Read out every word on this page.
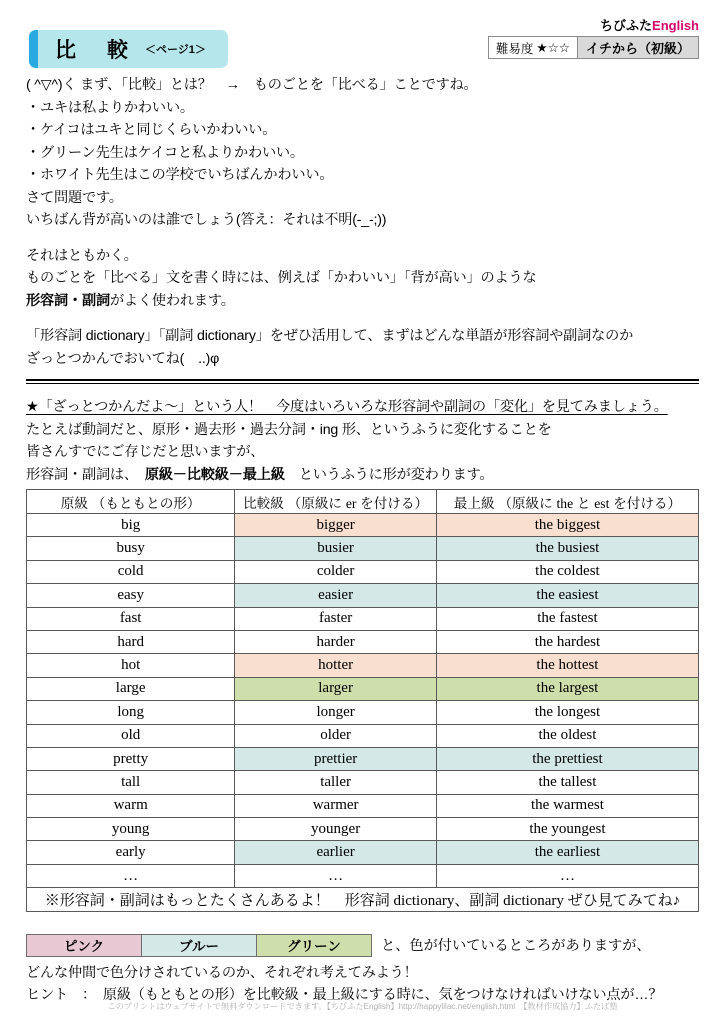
比　較 ＜ページ1＞
ちびふたEnglish
難易度 ★☆☆	イチから（初級）

( ^▽^)く まず、「比較」とは？　→　ものごとを「比べる」ことですね。

・ユキは私よりかわいい。

・ケイコはユキと同じくらいかわいい。

・グリーン先生はケイコと私よりかわいい。

・ホワイト先生はこの学校でいちばんかわいい。

さて問題です。

いちばん背が高いのは誰でしょう(答え：それは不明(-_-;))

それはともかく。

ものごとを「比べる」文を書く時には、例えば「かわいい」「背が高い」のような

形容詞・副詞がよく使われます。

「形容詞 dictionary」「副詞 dictionary」をぜひ活用して、まずはどんな単語が形容詞や副詞なのか

ざっとつかんでおいてね(　..)φ

★「ざっとつかんだよ～」という人！　今度はいろいろな形容詞や副詞の「変化」を見てみましょう。

たとえば動詞だと、原形・過去形・過去分詞・ing 形、というふうに変化することを

皆さんすでにご存じだと思いますが、

形容詞・副詞は、　 原級－比較級－最上級　 というふうに形が変わります。

原級 （もともとの形）	比較級 （原級に er を付ける）	最上級 （原級に the と est を付ける）
big	bigger	the biggest
busy	busier	the busiest
cold	colder	the coldest
easy	easier	the easiest
fast	faster	the fastest
hard	harder	the hardest
hot	hotter	the hottest
large	larger	the largest
long	longer	the longest
old	older	the oldest
pretty	prettier	the prettiest
tall	taller	the tallest
warm	warmer	the warmest
young	younger	the youngest
early	earlier	the earliest
…	…	…
※形容詞・副詞はもっとたくさんあるよ！　形容詞 dictionary、副詞 dictionary ぜひ見てみてね♪		
ピンク	ブルー	グリーン	と、色が付いているところがありますが、

どんな仲間で色分けされているのか、それぞれ考えてみよう！

ヒント　：　原級（もともとの形）を比較級・最上級にする時に、気をつけなければいけない点が…？

このプリントはウェブサイトで無料ダウンロードできます。【ちびふたEnglish】http://happylilac.net/english.html　【教材作成協力】ふたば塾
